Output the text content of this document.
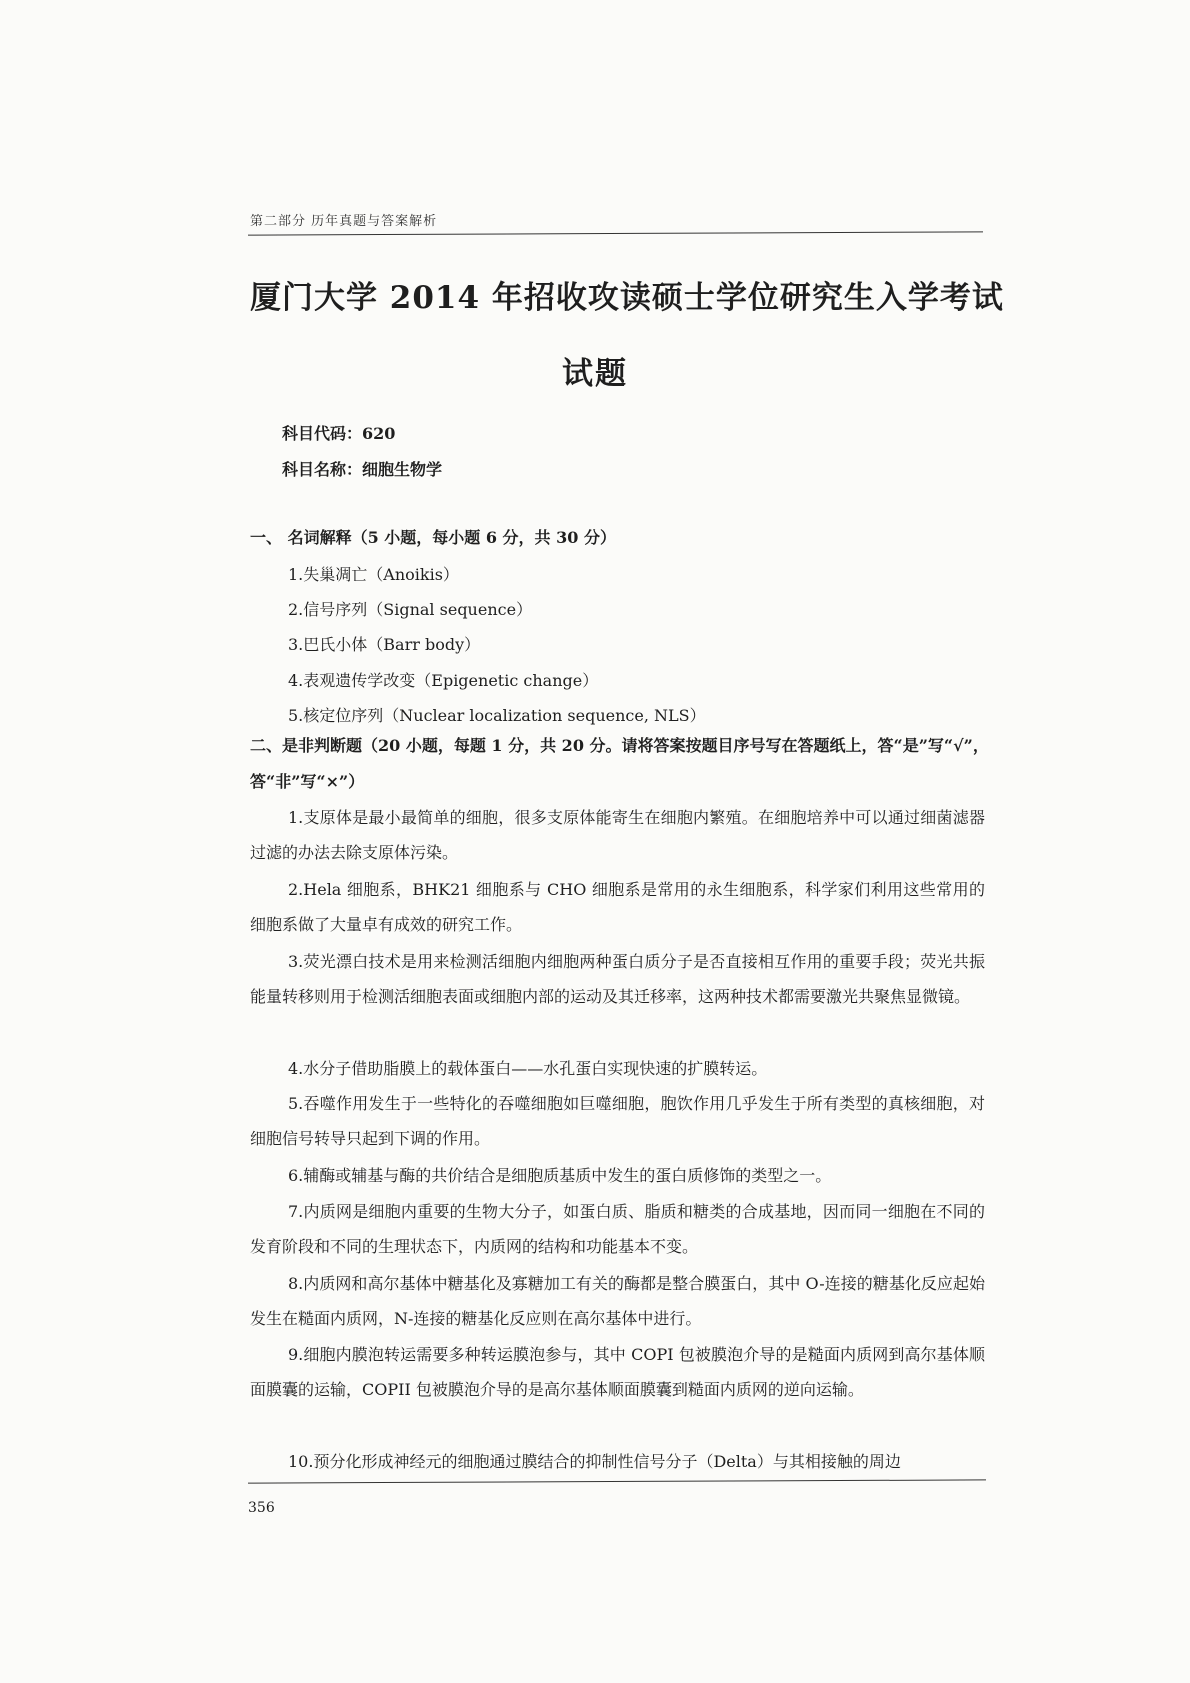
第二部分 历年真题与答案解析
厦门大学 2014 年招收攻读硕士学位研究生入学考试
试题
科目代码：620
科目名称：细胞生物学
一、 名词解释（5 小题，每小题 6 分，共 30 分）
1.失巢凋亡（Anoikis）
2.信号序列（Signal sequence）
3.巴氏小体（Barr body）
4.表观遗传学改变（Epigenetic change）
5.核定位序列（Nuclear localization sequence, NLS）
二、是非判断题（20 小题，每题 1 分，共 20 分。请将答案按题目序号写在答题纸上，答“是”写“√”，答“非”写“×”）
1.支原体是最小最简单的细胞，很多支原体能寄生在细胞内繁殖。在细胞培养中可以通过细菌滤器过滤的办法去除支原体污染。
2.Hela 细胞系，BHK21 细胞系与 CHO 细胞系是常用的永生细胞系，科学家们利用这些常用的细胞系做了大量卓有成效的研究工作。
3.荧光漂白技术是用来检测活细胞内细胞两种蛋白质分子是否直接相互作用的重要手段；荧光共振能量转移则用于检测活细胞表面或细胞内部的运动及其迁移率，这两种技术都需要激光共聚焦显微镜。
4.水分子借助脂膜上的载体蛋白——水孔蛋白实现快速的扩膜转运。
5.吞噬作用发生于一些特化的吞噬细胞如巨噬细胞，胞饮作用几乎发生于所有类型的真核细胞，对细胞信号转导只起到下调的作用。
6.辅酶或辅基与酶的共价结合是细胞质基质中发生的蛋白质修饰的类型之一。
7.内质网是细胞内重要的生物大分子，如蛋白质、脂质和糖类的合成基地，因而同一细胞在不同的发育阶段和不同的生理状态下，内质网的结构和功能基本不变。
8.内质网和高尔基体中糖基化及寡糖加工有关的酶都是整合膜蛋白，其中 O-连接的糖基化反应起始发生在糙面内质网，N-连接的糖基化反应则在高尔基体中进行。
9.细胞内膜泡转运需要多种转运膜泡参与，其中 COPI 包被膜泡介导的是糙面内质网到高尔基体顺面膜囊的运输，COPII 包被膜泡介导的是高尔基体顺面膜囊到糙面内质网的逆向运输。
10.预分化形成神经元的细胞通过膜结合的抑制性信号分子（Delta）与其相接触的周边
356
